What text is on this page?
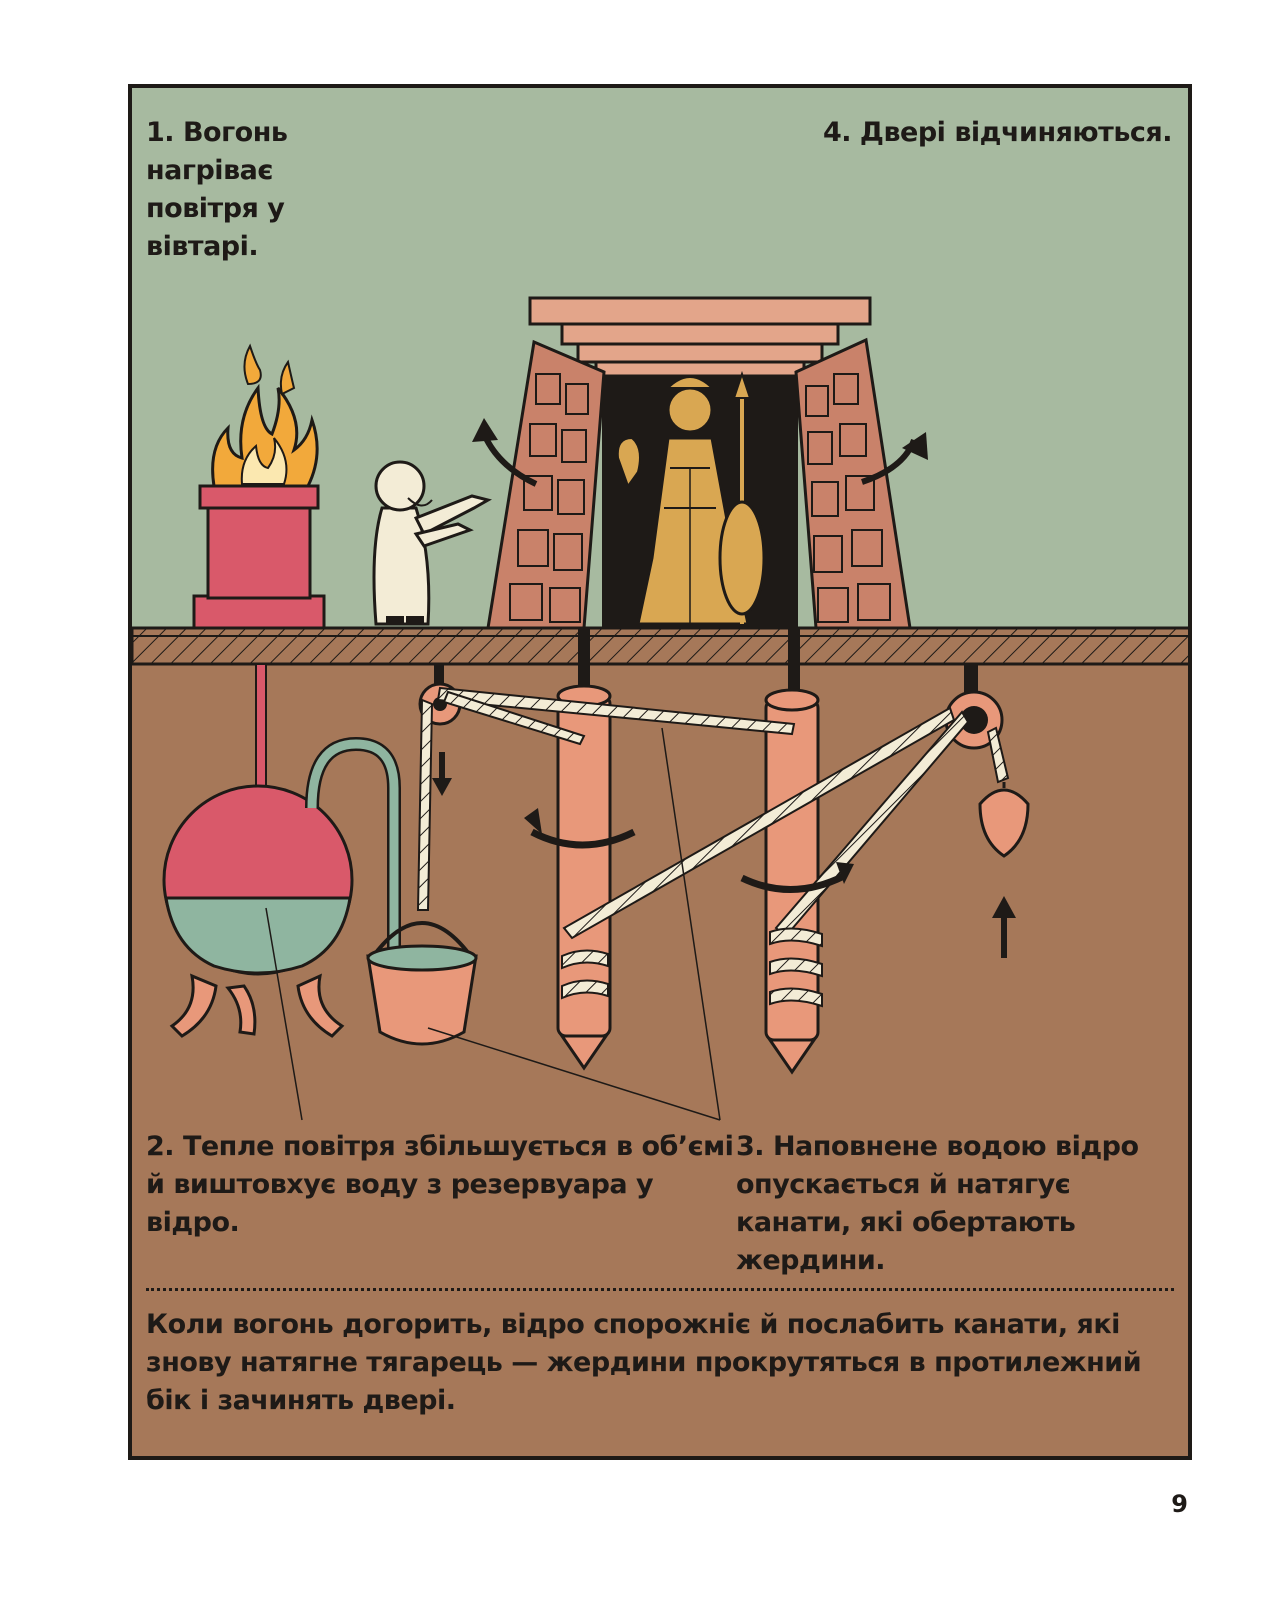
1. Вогонь нагріває повітря у вівтарі.
4. Двері відчиняються.
2. Тепле повітря збільшується в об’ємі й виштовхує воду з резервуара у відро.
3. Наповнене водою відро опускається й натягує канати, які обертають жердини.
Коли вогонь догорить, відро спорожніє й послабить канати, які знову натягне тягарець — жердини прокрутяться в протилежний бік і зачинять двері.
9
